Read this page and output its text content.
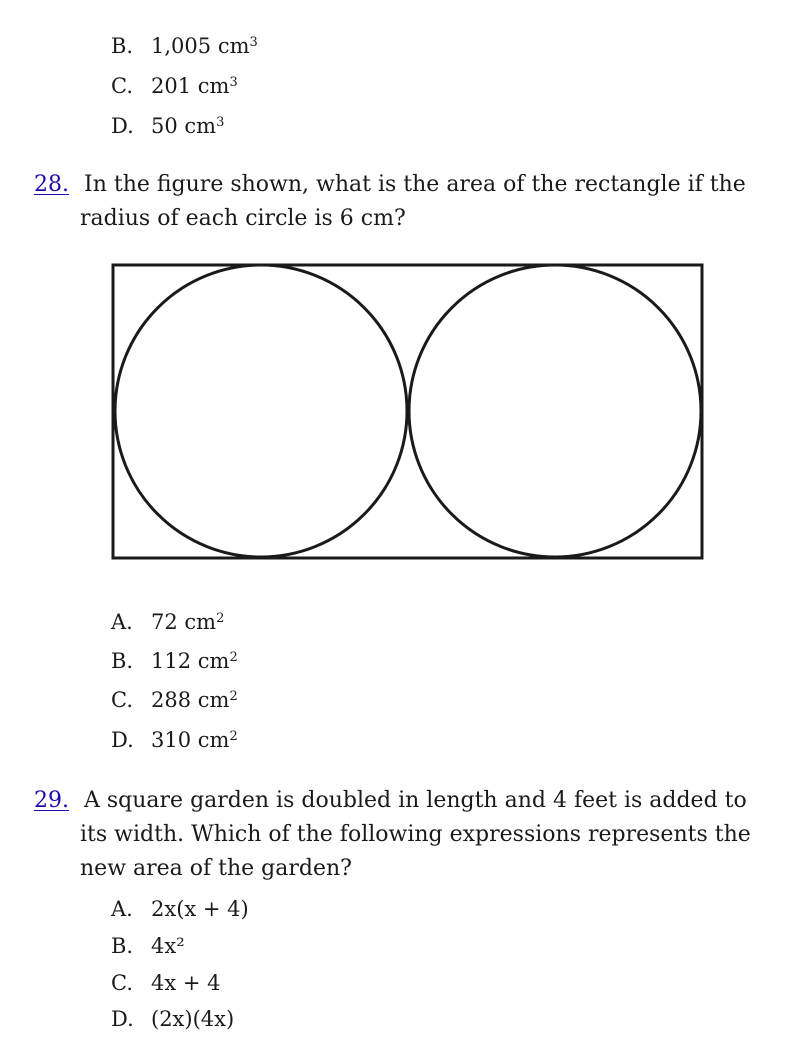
B. 1,005 $cm^3$
C. 201 $cm^3$
D. 50 $cm^3$
28. In the figure shown, what is the area of the rectangle if the
radius of each circle is 6 cm?
A. 72 $cm^2$
B. 112 $cm^2$
C. 288 $cm^2$
D. 310 $cm^2$
29. A square garden is doubled in length and 4 feet is added to
its width. Which of the following expressions represents the
new area of the garden?
A. 2x(x + 4)
B. 4x²
C. 4x + 4
D. (2x)(4x)
